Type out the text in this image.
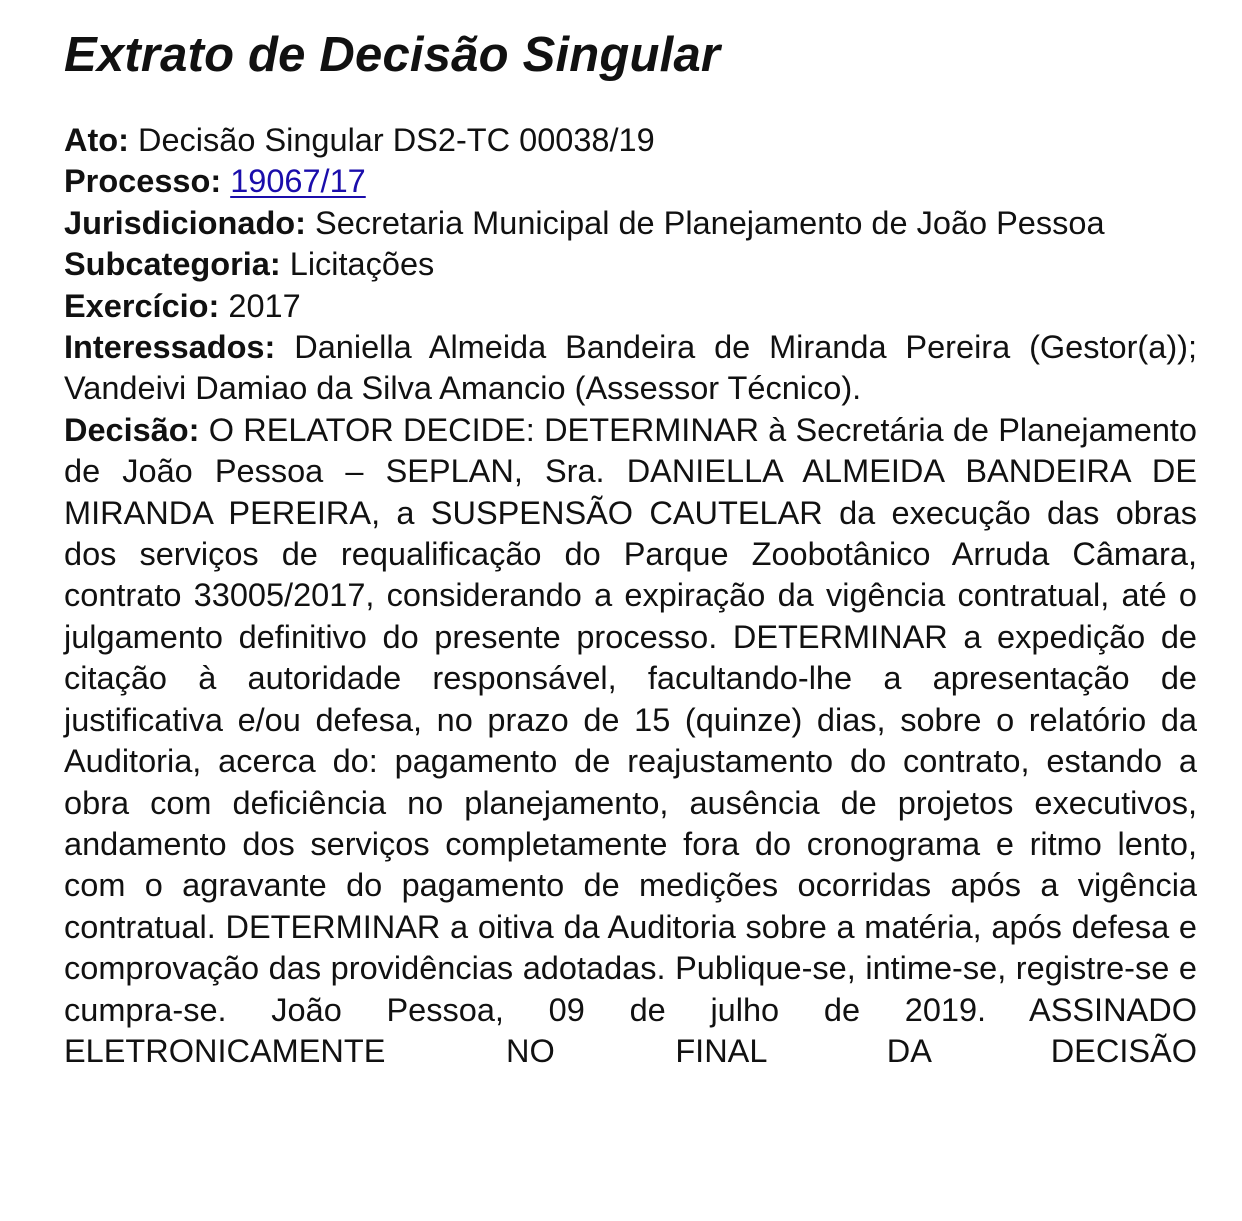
Extrato de Decisão Singular

Ato: Decisão Singular DS2-TC 00038/19

Processo: 19067/17

Jurisdicionado: Secretaria Municipal de Planejamento de João Pessoa

Subcategoria: Licitações

Exercício: 2017

Interessados: Daniella Almeida Bandeira de Miranda Pereira (Gestor(a)); Vandeivi Damiao da Silva Amancio (Assessor Técnico).

Decisão: O RELATOR DECIDE: DETERMINAR à Secretária de Planejamento de João Pessoa – SEPLAN, Sra. DANIELLA ALMEIDA BANDEIRA DE MIRANDA PEREIRA, a SUSPENSÃO CAUTELAR da execução das obras dos serviços de requalificação do Parque Zoobotânico Arruda Câmara, contrato 33005/2017, considerando a expiração da vigência contratual, até o julgamento definitivo do presente processo. DETERMINAR a expedição de citação à autoridade responsável, facultando-lhe a apresentação de justificativa e/ou defesa, no prazo de 15 (quinze) dias, sobre o relatório da Auditoria, acerca do: pagamento de reajustamento do contrato, estando a obra com deficiência no planejamento, ausência de projetos executivos, andamento dos serviços completamente fora do cronograma e ritmo lento, com o agravante do pagamento de medições ocorridas após a vigência contratual. DETERMINAR a oitiva da Auditoria sobre a matéria, após defesa e comprovação das providências adotadas. Publique-se, intime-se, registre-se e cumpra-se. João Pessoa, 09 de julho de 2019. ASSINADO ELETRONICAMENTE NO FINAL DA DECISÃO
